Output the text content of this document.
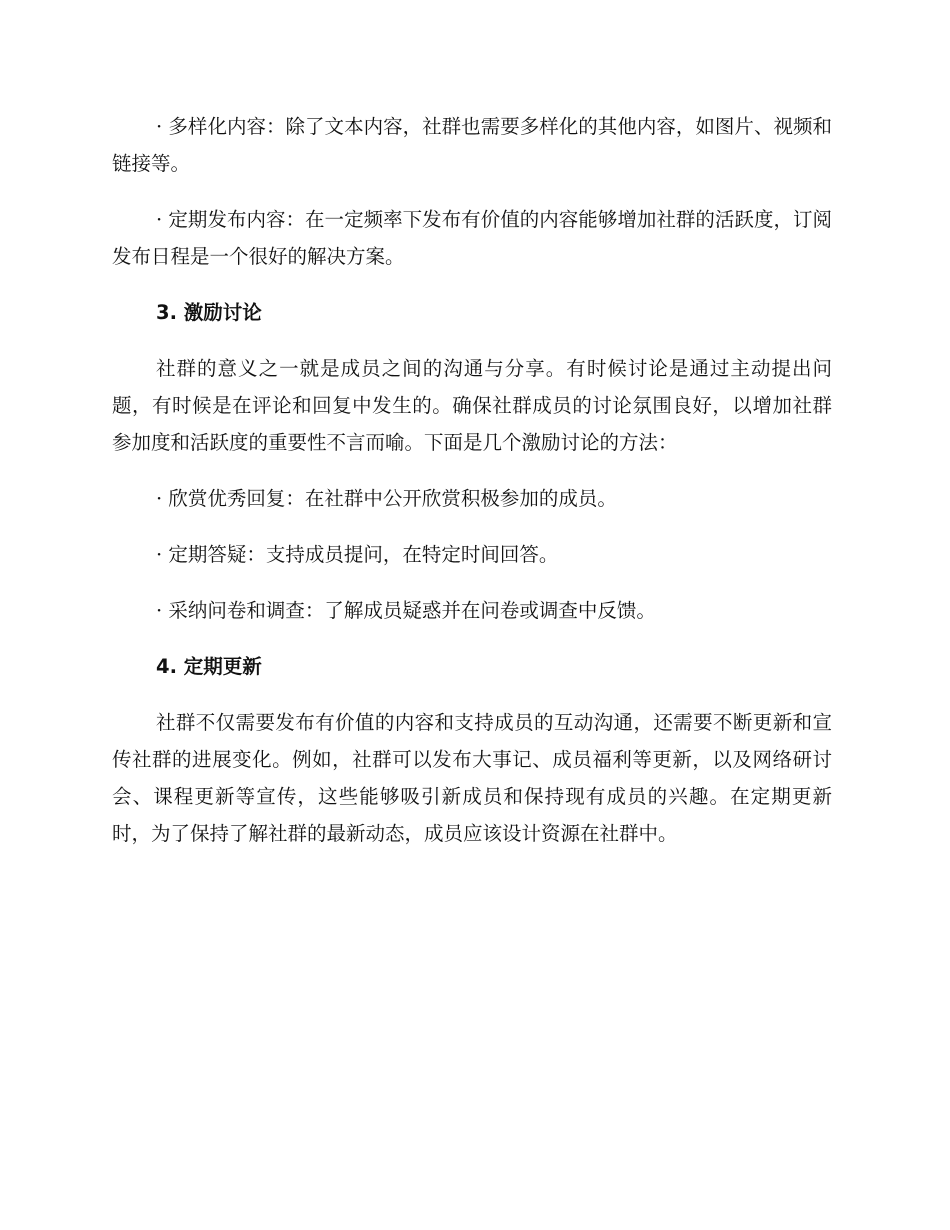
· 多样化内容：除了文本内容，社群也需要多样化的其他内容，如图片、视频和链接等。

· 定期发布内容：在一定频率下发布有价值的内容能够增加社群的活跃度，订阅发布日程是一个很好的解决方案。

3. 激励讨论

社群的意义之一就是成员之间的沟通与分享。有时候讨论是通过主动提出问题，有时候是在评论和回复中发生的。确保社群成员的讨论氛围良好，以增加社群参加度和活跃度的重要性不言而喻。下面是几个激励讨论的方法：

· 欣赏优秀回复：在社群中公开欣赏积极参加的成员。

· 定期答疑：支持成员提问，在特定时间回答。

· 采纳问卷和调查：了解成员疑惑并在问卷或调查中反馈。

4. 定期更新

社群不仅需要发布有价值的内容和支持成员的互动沟通，还需要不断更新和宣传社群的进展变化。例如，社群可以发布大事记、成员福利等更新，以及网络研讨会、课程更新等宣传，这些能够吸引新成员和保持现有成员的兴趣。在定期更新时，为了保持了解社群的最新动态，成员应该设计资源在社群中。
